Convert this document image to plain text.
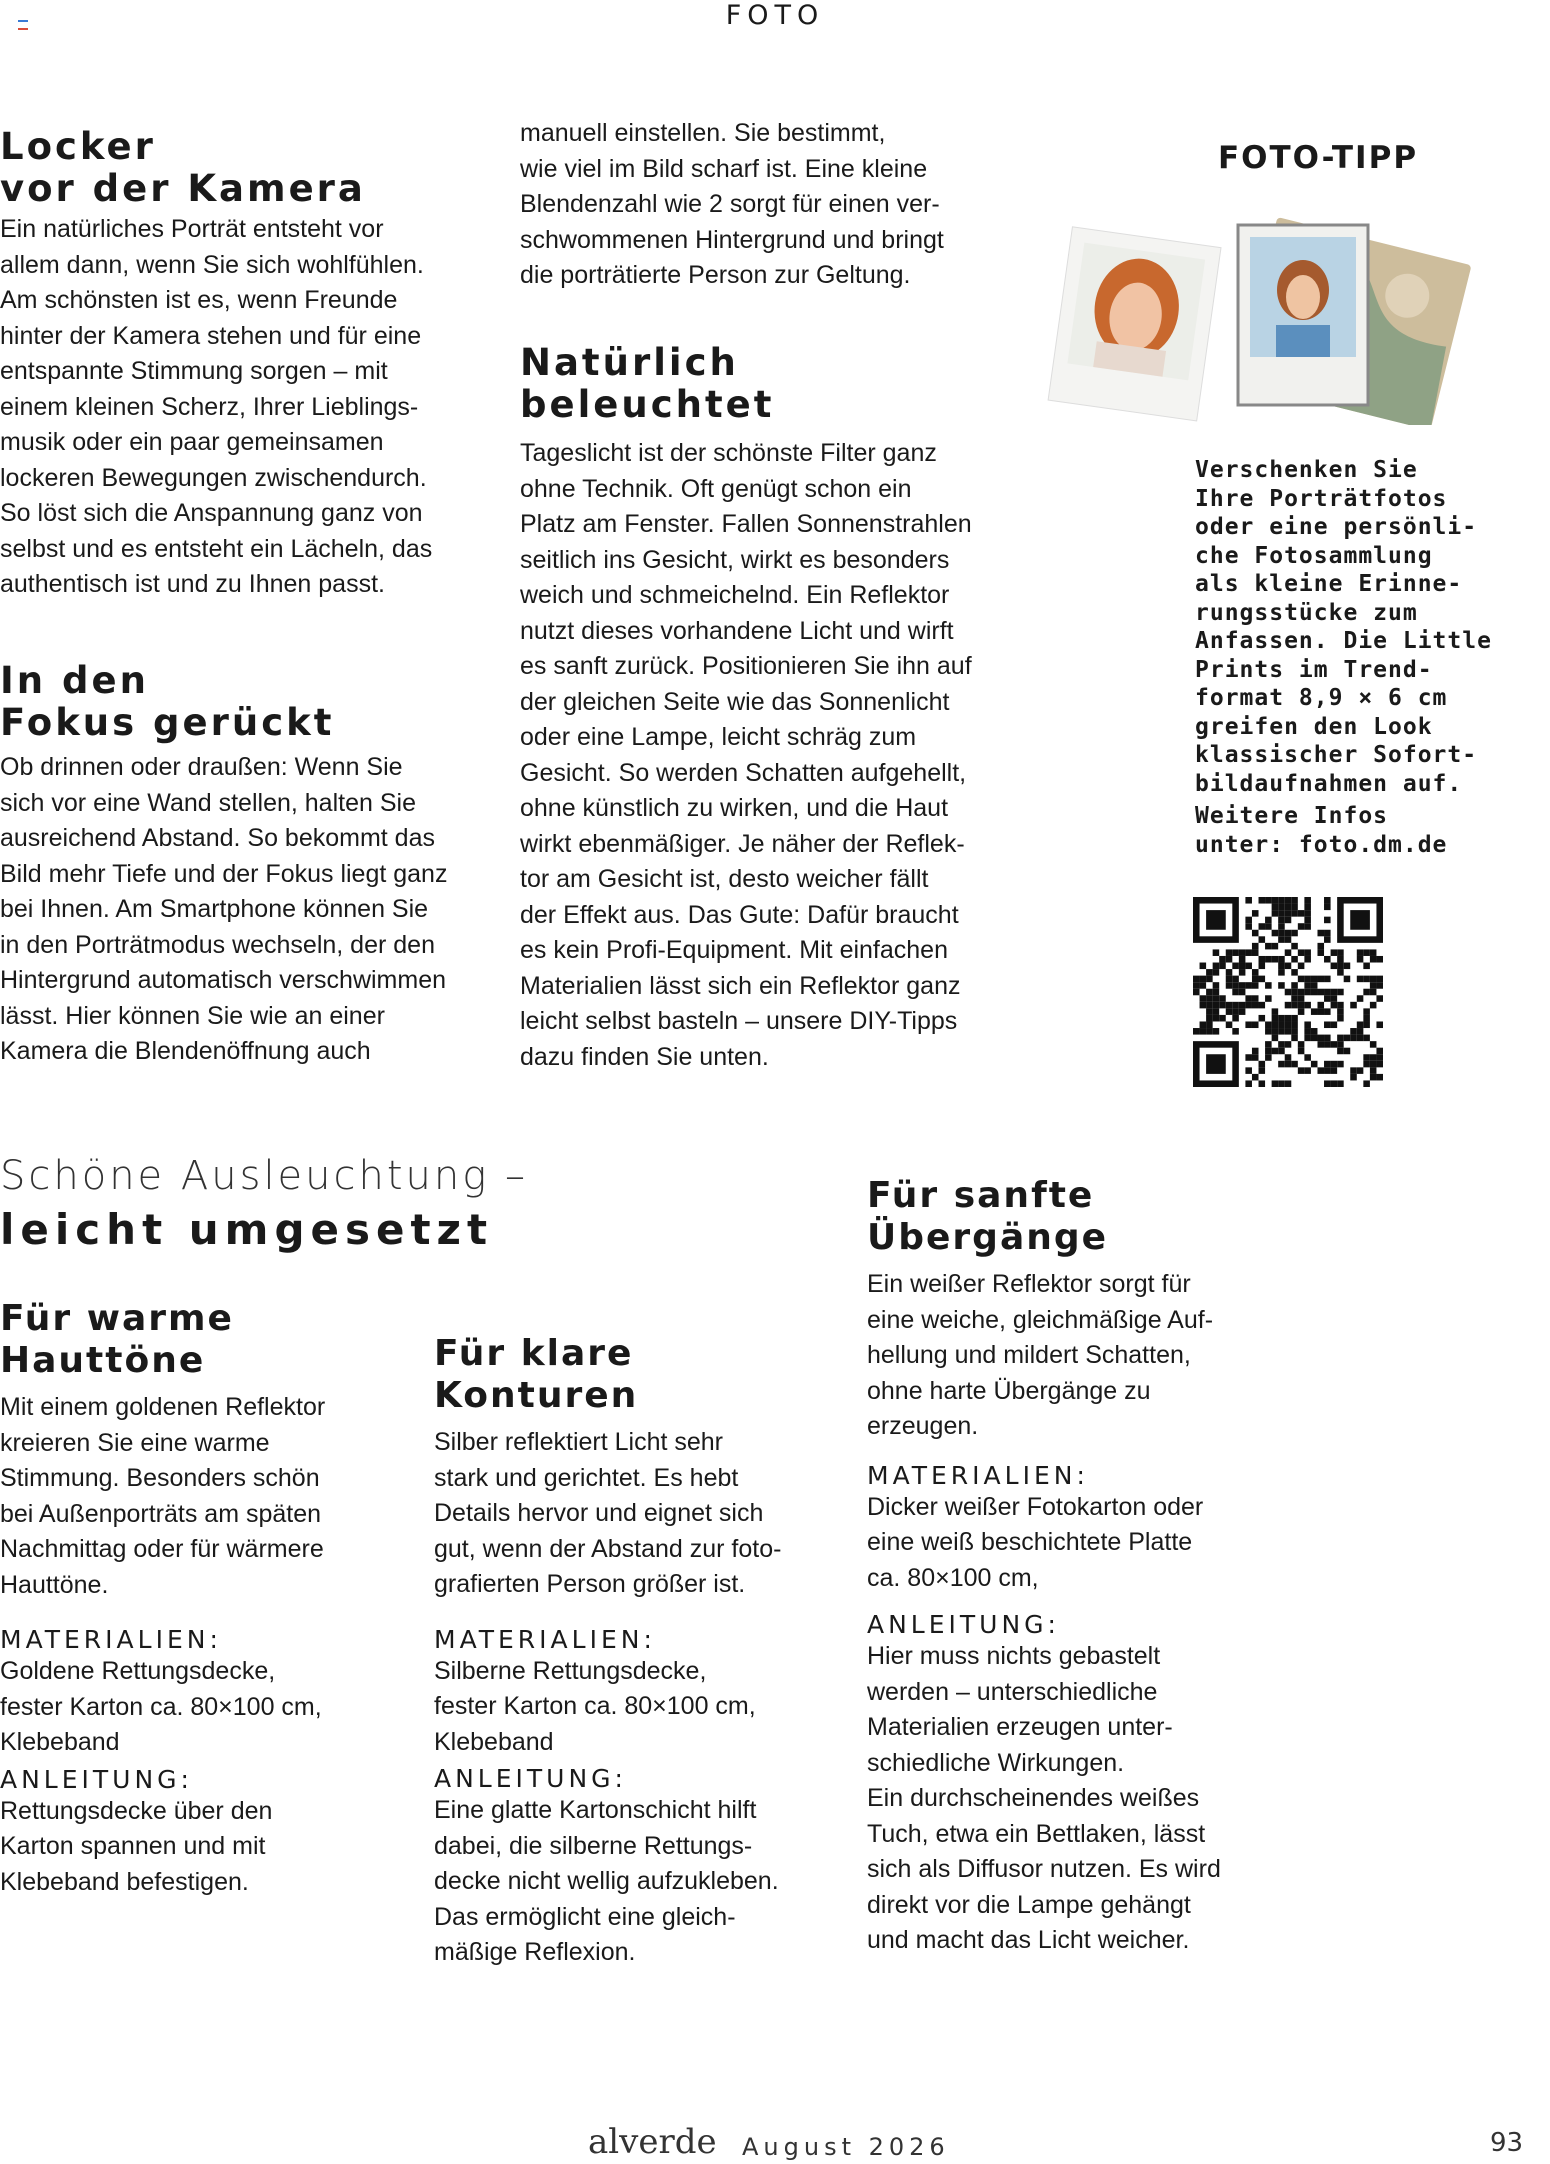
FOTO
Locker
vor der Kamera

Ein natürliches Porträt entsteht vor
allem dann, wenn Sie sich wohlfühlen.
Am schönsten ist es, wenn Freunde
hinter der Kamera stehen und für eine
entspannte Stimmung sorgen – mit
einem kleinen Scherz, Ihrer Lieblings-
musik oder ein paar gemeinsamen
lockeren Bewegungen zwischendurch.
So löst sich die Anspannung ganz von
selbst und es entsteht ein Lächeln, das
authentisch ist und zu Ihnen passt.

In den
Fokus gerückt

Ob drinnen oder draußen: Wenn Sie
sich vor eine Wand stellen, halten Sie
ausreichend Abstand. So bekommt das
Bild mehr Tiefe und der Fokus liegt ganz
bei Ihnen. Am Smartphone können Sie
in den Porträtmodus wechseln, der den
Hintergrund automatisch verschwimmen
lässt. Hier können Sie wie an einer
Kamera die Blendenöffnung auch

manuell einstellen. Sie bestimmt,
wie viel im Bild scharf ist. Eine kleine
Blendenzahl wie 2 sorgt für einen ver-
schwommenen Hintergrund und bringt
die porträtierte Person zur Geltung.

Natürlich
beleuchtet

Tageslicht ist der schönste Filter ganz
ohne Technik. Oft genügt schon ein
Platz am Fenster. Fallen Sonnenstrahlen
seitlich ins Gesicht, wirkt es besonders
weich und schmeichelnd. Ein Reflektor
nutzt dieses vorhandene Licht und wirft
es sanft zurück. Positionieren Sie ihn auf
der gleichen Seite wie das Sonnenlicht
oder eine Lampe, leicht schräg zum
Gesicht. So werden Schatten aufgehellt,
ohne künstlich zu wirken, und die Haut
wirkt ebenmäßiger. Je näher der Reflek-
tor am Gesicht ist, desto weicher fällt
der Effekt aus. Das Gute: Dafür braucht
es kein Profi-Equipment. Mit einfachen
Materialien lässt sich ein Reflektor ganz
leicht selbst basteln – unsere DIY-Tipps
dazu finden Sie unten.

FOTO-TIPP

Verschenken Sie
Ihre Porträtfotos
oder eine persönli-
che Fotosammlung
als kleine Erinne-
rungsstücke zum
Anfassen. Die Little
Prints im Trend-
format 8,9 × 6 cm
greifen den Look
klassischer Sofort-
bildaufnahmen auf.

Weitere Infos
unter: foto.dm.de

Schöne Ausleuchtung –
leicht umgesetzt
Für warme
Hauttöne

Mit einem goldenen Reflektor
kreieren Sie eine warme
Stimmung. Besonders schön
bei Außenporträts am späten
Nachmittag oder für wärmere
Hauttöne.

MATERIALIEN:

Goldene Rettungsdecke,
fester Karton ca. 80×100 cm,
Klebeband

ANLEITUNG:

Rettungsdecke über den
Karton spannen und mit
Klebeband befestigen.

Für klare
Konturen

Silber reflektiert Licht sehr
stark und gerichtet. Es hebt
Details hervor und eignet sich
gut, wenn der Abstand zur foto-
grafierten Person größer ist.

MATERIALIEN:

Silberne Rettungsdecke,
fester Karton ca. 80×100 cm,
Klebeband

ANLEITUNG:

Eine glatte Kartonschicht hilft
dabei, die silberne Rettungs-
decke nicht wellig aufzukleben.
Das ermöglicht eine gleich-
mäßige Reflexion.

Für sanfte
Übergänge

Ein weißer Reflektor sorgt für
eine weiche, gleichmäßige Auf-
hellung und mildert Schatten,
ohne harte Übergänge zu
erzeugen.

MATERIALIEN:

Dicker weißer Fotokarton oder
eine weiß beschichtete Platte
ca. 80×100 cm,

ANLEITUNG:

Hier muss nichts gebastelt
werden – unterschiedliche
Materialien erzeugen unter-
schiedliche Wirkungen.
Ein durchscheinendes weißes
Tuch, etwa ein Bettlaken, lässt
sich als Diffusor nutzen. Es wird
direkt vor die Lampe gehängt
und macht das Licht weicher.

alverde August 2026	93
